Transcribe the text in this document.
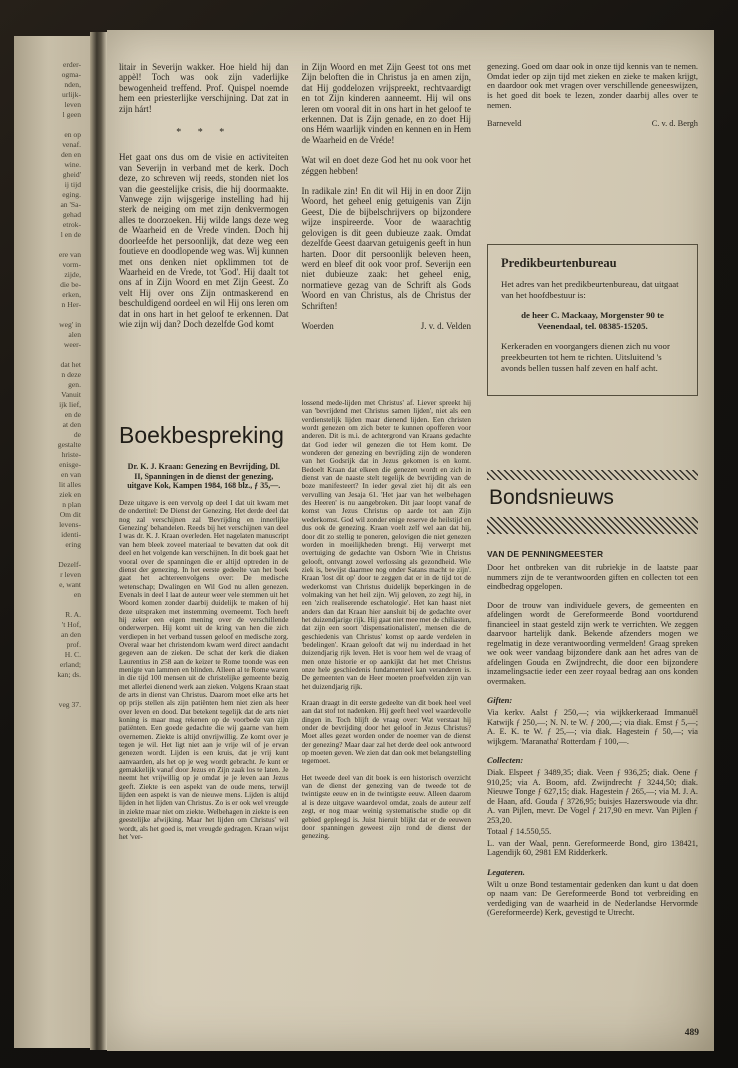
erder-
ogma-
nden,
urlijk-
leven
l geen
en op
venaf.
den en
wine.
gheid'
ij tijd
eging.
an 'Sa-
gehad
etrok-
l en de
ere van
vorm-
zijde,
die be-
erken,
n Her-
weg' in
alen
weer-
dat het
n deze
gen.
Vanuit
ijk lief,
en de
at den
de
gestalte
hriste-
enisge-
en van
lit alles
ziek en
n plan
Om dit
levens-
identi-
ering
Dezelf-
r leven
e, want
en
R. A.
't Hof,
an den
prof.
H. C.
erland;
kan; ds.
veg 37.

litair in Severijn wakker. Hoe hield hij dan appèl! Toch was ook zijn vaderlijke bewogenheid treffend. Prof. Quispel noemde hem een priesterlijke verschijning. Dat zat in zijn hárt!

* * *

Het gaat ons dus om de visie en activiteiten van Severijn in verband met de kerk. Doch deze, zo schreven wij reeds, stonden niet los van die geestelijke crisis, die hij doormaakte. Vanwege zijn wijsgerige instelling had hij sterk de neiging om met zijn denkvermogen alles te doorzoeken. Hij wilde langs deze weg de Waarheid en de Vrede vinden. Doch hij doorleefde het persoonlijk, dat deze weg een foutieve en doodlopende weg was. Wij kunnen met ons denken niet opklimmen tot de Waarheid en de Vrede, tot 'God'. Hij daalt tot ons af in Zijn Woord en met Zijn Geest. Zo velt Hij over ons Zijn ontmaskerend en beschuldigend oordeel en wil Hij ons leren om dat in ons hart in het geloof te erkennen. Dat wie zijn wij dan? Doch dezelfde God komt

in Zijn Woord en met Zijn Geest tot ons met Zijn beloften die in Christus ja en amen zijn, dat Hij goddelozen vrijspreekt, rechtvaardigt en tot Zijn kinderen aanneemt. Hij wil ons leren om vooral dit in ons hart in het geloof te erkennen. Dat is Zijn genade, en zo doet Hij ons Hém waarlijk vinden en kennen en in Hem de Waarheid en de Vréde!

Wat wil en doet deze God het nu ook voor het zéggen hebben!

In radikale zin! En dit wil Hij in en door Zijn Woord, het geheel enig getuigenis van Zijn Geest, Die de bijbelschrijvers op bijzondere wijze inspireerde. Voor de waarachtig gelovigen is dit geen dubieuze zaak. Omdat dezelfde Geest daarvan getuigenis geeft in hun harten. Door dit persoonlijk beleven heen, werd en bleef dit ook voor prof. Severijn een niet dubieuze zaak: het geheel enig, normatieve gezag van de Schrift als Gods Woord en van Christus, als de Christus der Schriften!

Woerden	J. v. d. Velden
Boekbespreking
Dr. K. J. Kraan: Genezing en Bevrijding, Dl. II, Spanningen in de dienst der genezing, uitgave Kok, Kampen 1984, 168 blz., ƒ 35,—.

Deze uitgave is een vervolg op deel I dat uit kwam met de ondertitel: De Dienst der Genezing. Het derde deel dat nog zal verschijnen zal 'Bevrijding en innerlijke Genezing' behandelen. Reeds bij het verschijnen van deel I was dr. K. J. Kraan overleden. Het nagelaten manuscript van hem bleek zoveel materiaal te bevatten dat ook dit deel en het volgende kan verschijnen. In dit boek gaat het vooral over de spanningen die er altijd optreden in de dienst der genezing. In het eerste gedeelte van het boek gaat het achtereenvolgens over: De medische wetenschap; Dwalingen en Wil God nu allen genezen. Evenals in deel I laat de auteur weer vele stemmen uit het Woord komen zonder daarbij duidelijk te maken of hij deze uitspraken met instemming overneemt. Toch heeft hij zeker een eigen mening over de verschillende onderwerpen. Hij komt uit de kring van hen die zich verdiepen in het verband tussen geloof en medische zorg. Overal waar het christendom kwam werd direct aandacht gegeven aan de zieken. De schat der kerk die diaken Laurentius in 258 aan de keizer te Rome toonde was een menigte van lammen en blinden. Alleen al te Rome waren in die tijd 100 mensen uit de christelijke gemeente bezig met allerlei dienend werk aan zieken. Volgens Kraan staat de arts in dienst van Christus. Daarom moet elke arts het op prijs stellen als zijn patiënten hem niet zien als heer over leven en dood. Dat betekent tegelijk dat de arts niet koning is maar mag rekenen op de voorbede van zijn patiënten. Een goede gedachte die wij gaarne van hem overnemen. Ziekte is altijd onvrijwillig. Ze komt over je tegen je wil. Het ligt niet aan je vrije wil of je ervan genezen wordt. Lijden is een kruis, dat je vrij kunt aanvaarden, als het op je weg wordt gebracht. Je kunt er gemakkelijk vanaf door Jezus en Zijn zaak los te laten. Je neemt het vrijwillig op je omdat je je leven aan Jezus geeft. Ziekte is een aspekt van de oude mens, terwijl lijden een aspekt is van de nieuwe mens. Lijden is altijd lijden in het lijden van Christus. Zo is er ook wel vreugde in ziekte maar niet om ziekte. Welbehagen in ziekte is een geestelijke afwijking. Maar het lijden om Christus' wil wordt, als het goed is, met vreugde gedragen. Kraan wijst het 'ver-

lossend mede-lijden met Christus' af. Liever spreekt hij van 'bevrijdend met Christus samen lijden', niet als een verdienstelijk lijden maar dienend lijden. Een christen wordt genezen om zich beter te kunnen opofferen voor anderen. Dit is m.i. de achtergrond van Kraans gedachte dat God ieder wil genezen die tot Hem komt. De wonderen der genezing en bevrijding zijn de wonderen van het Godsrijk dat in Jezus gekomen is en komt. Bedoelt Kraan dat elkeen die genezen wordt en zich in dienst van de naaste stelt tegelijk de bevrijding van de boze manifesteert? In ieder geval ziet hij dit als een vervulling van Jesaja 61. 'Het jaar van het welbehagen des Heeren' is nu aangebroken. Dit jaar loopt vanaf de komst van Jezus Christus op aarde tot aan Zijn wederkomst. God wil zonder enige reserve de heilstijd en dus ook de genezing. Kraan voelt zelf wel aan dat hij, door dit zo stellig te poneren, gelovigen die niet genezen worden in moeilijkheden brengt. Hij verwerpt met overtuiging de gedachte van Osborn 'Wie in Christus gelooft, ontvangt zowel verlossing als gezondheid. Wie ziek is, bewijst daarmee nog onder Satans macht te zijn'. Kraan 'lost dit op' door te zeggen dat er in de tijd tot de wederkomst van Christus duidelijk beperkingen in de volmaking van het heil zijn. Wij geloven, zo zegt hij, in een 'zich realiserende eschatologie'. Het kan haast niet anders dan dat Kraan hier aansluit bij de gedachte over het duizendjarige rijk. Hij gaat niet mee met de chiliasten, dat zijn een soort 'dispensationalisten', mensen die de geschiedenis van Christus' komst op aarde verdelen in 'bedelingen'. Kraan gelooft dat wij nu inderdaad in het duizendjarig rijk leven. Het is voor hem wel de vraag of men onze historie er op aankijkt dat het met Christus onze hele geschiedenis fundamenteel kan veranderen is. De gemeenten van de Heer moeten proefvelden zijn van het duizendjarig rijk.

Kraan draagt in dit eerste gedeelte van dit boek heel veel aan dat stof tot nadenken. Hij geeft heel veel waardevolle dingen in. Toch blijft de vraag over: Wat verstaat hij onder de bevrijding door het geloof in Jezus Christus? Moet alles gezet worden onder de noemer van de dienst der genezing? Maar daar zal het derde deel ook antwoord op moeten geven. We zien dat dan ook met belangstelling tegemoet.

Het tweede deel van dit boek is een historisch overzicht van de dienst der genezing van de tweede tot de twintigste eeuw en in de twintigste eeuw. Alleen daarom al is deze uitgave waardevol omdat, zoals de auteur zelf zegt, er nog maar weinig systematische studie op dit gebied gepleegd is. Juist hieruit blijkt dat er de eeuwen door spanningen geweest zijn rond de dienst der genezing.

genezing. Goed om daar ook in onze tijd kennis van te nemen. Omdat ieder op zijn tijd met zieken en zieke te maken krijgt, en daardoor ook met vragen over verschillende geneeswijzen, is het goed dit boek te lezen, zonder daarbij alles over te nemen.

Barneveld	C. v. d. Bergh
Predikbeurtenbureau

Het adres van het predikbeurtenbureau, dat uitgaat van het hoofdbestuur is:

de heer C. Mackaay, Morgenster 90 te Veenendaal, tel. 08385-15205.

Kerkeraden en voorgangers dienen zich nu voor preekbeurten tot hem te richten. Uitsluitend 's avonds bellen tussen half zeven en half acht.

Bondsnieuws
VAN DE PENNINGMEESTER

Door het ontbreken van dit rubriekje in de laatste paar nummers zijn de te verantwoorden giften en collecten tot een eindbedrag opgelopen.

Door de trouw van individuele gevers, de gemeenten en afdelingen wordt de Gereformeerde Bond voortdurend financieel in staat gesteld zijn werk te verrichten. We zeggen daarvoor hartelijk dank. Bekende afzenders mogen we regelmatig in deze verantwoording vermelden! Graag spreken we ook weer vandaag bijzondere dank aan het adres van de afdelingen Gouda en Zwijndrecht, die door een bijzondere inzamelingsactie ieder een zeer royaal bedrag aan ons konden overmaken.

Giften:

Via kerkv. Aalst ƒ 250,—; via wijkkerkeraad Immanuël Katwijk ƒ 250,—; N. N. te W. ƒ 200,—; via diak. Emst ƒ 5,—; A. E. K. te W. ƒ 25,—; via diak. Hagestein ƒ 50,—; via wijkgem. 'Maranatha' Rotterdam ƒ 100,—.

Collecten:

Diak. Elspeet ƒ 3489,35; diak. Veen ƒ 936,25; diak. Oene ƒ 910,25; via A. Boom, afd. Zwijndrecht ƒ 3244,50; diak. Nieuwe Tonge ƒ 627,15; diak. Hagestein ƒ 265,—; via M. J. A. de Haan, afd. Gouda ƒ 3726,95; buisjes Hazerswoude via dhr. A. van Pijlen, mevr. De Vogel ƒ 217,90 en mevr. Van Pijlen ƒ 253,20.

Totaal ƒ 14.550,55.

L. van der Waal, penn. Gereformeerde Bond, giro 138421, Lagendijk 60, 2981 EM Ridderkerk.

Legateren.

Wilt u onze Bond testamentair gedenken dan kunt u dat doen op naam van: De Gereformeerde Bond tot verbreiding en verdediging van de waarheid in de Nederlandse Hervormde (Gereformeerde) Kerk, gevestigd te Utrecht.

489
